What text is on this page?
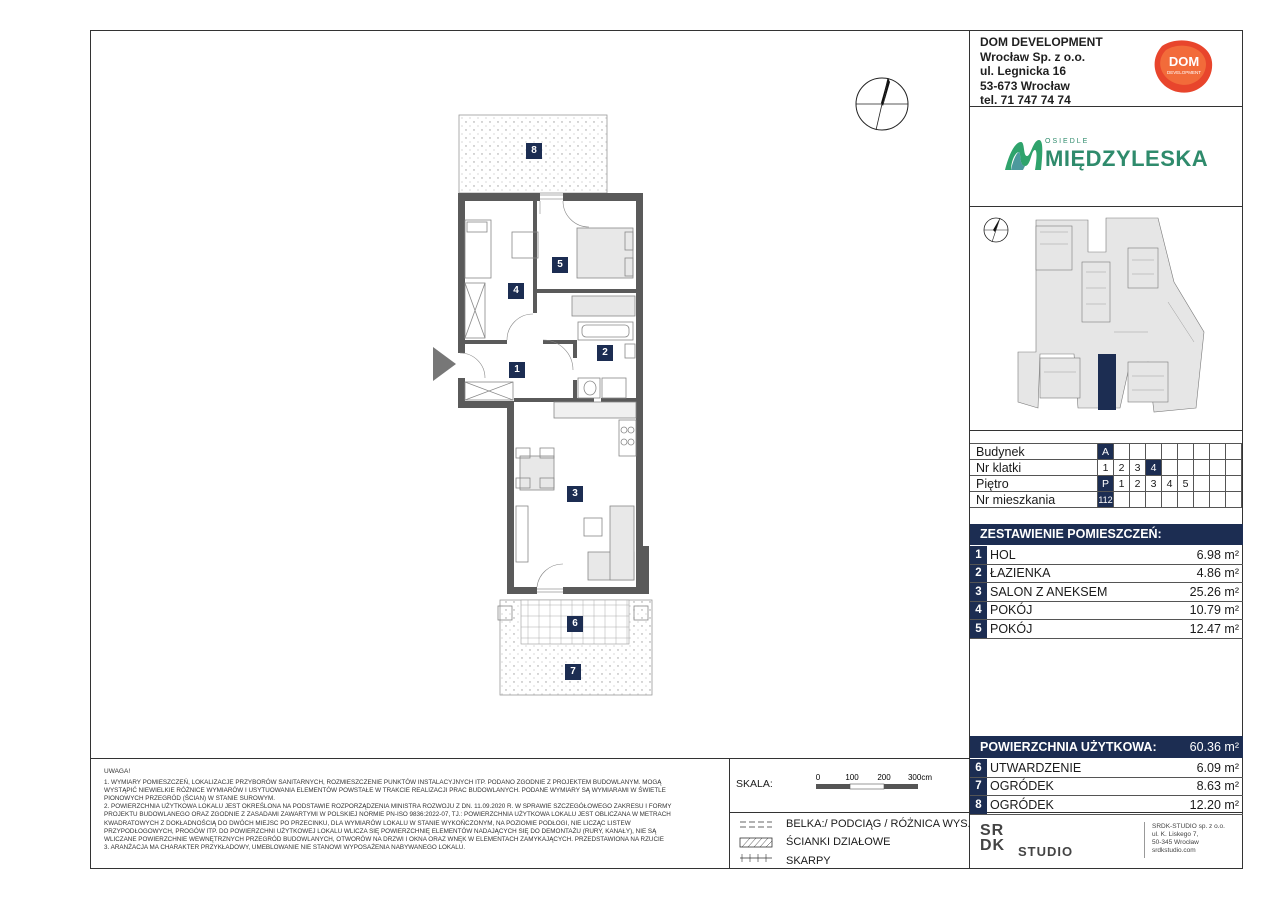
DOM DEVELOPMENT
Wrocław Sp. z o.o.
ul. Legnicka 16
53-673 Wrocław
tel. 71 747 74 74
DOM
DEVELOPMENT
OSIEDLE
MIĘDZYLESKA
Budynek	A								
Nr klatki	1	2	3	4					
Piętro	P	1	2	3	4	5			
Nr mieszkania	112								
ZESTAWIENIE POMIESZCZEŃ:
1 HOL	6.98 m²
2 ŁAZIENKA	4.86 m²
3 SALON Z ANEKSEM	25.26 m²
4 POKÓJ	10.79 m²
5 POKÓJ	12.47 m²
POWIERZCHNIA UŻYTKOWA:	60.36 m²
6 UTWARDZENIE	6.09 m²
7 OGRÓDEK	8.63 m²
8 OGRÓDEK	12.20 m²
8
5
4
2
1
3
6
7
UWAGA!
1. WYMIARY POMIESZCZEŃ, LOKALIZACJE PRZYBORÓW SANITARNYCH, ROZMIESZCZENIE PUNKTÓW INSTALACYJNYCH ITP. PODANO ZGODNIE Z PROJEKTEM BUDOWLANYM. MOGĄ
WYSTĄPIĆ NIEWIELKIE RÓŻNICE WYMIARÓW I USYTUOWANIA ELEMENTÓW POWSTAŁE W TRAKCIE REALIZACJI PRAC BUDOWLANYCH. PODANE WYMIARY SĄ WYMIARAMI W ŚWIETLE
PIONOWYCH PRZEGRÓD (ŚCIAN) W STANIE SUROWYM.
2. POWIERZCHNIA UŻYTKOWA LOKALU JEST OKREŚLONA NA PODSTAWIE ROZPORZĄDZENIA MINISTRA ROZWOJU Z DN. 11.09.2020 R. W SPRAWIE SZCZEGÓŁOWEGO ZAKRESU I FORMY
PROJEKTU BUDOWLANEGO ORAZ ZGODNIE Z ZASADAMI ZAWARTYMI W POLSKIEJ NORMIE PN-ISO 9836:2022-07, TJ.: POWIERZCHNIA UŻYTKOWA LOKALU JEST OBLICZANA W METRACH
KWADRATOWYCH Z DOKŁADNOŚCIĄ DO DWÓCH MIEJSC PO PRZECINKU, DLA WYMIARÓW LOKALU W STANIE WYKOŃCZONYM, NA POZIOMIE PODŁOGI, NIE LICZĄC LISTEW
PRZYPODŁOGOWYCH, PROGÓW ITP. DO POWIERZCHNI UŻYTKOWEJ LOKALU WLICZA SIĘ POWIERZCHNIĘ ELEMENTÓW NADAJĄCYCH SIĘ DO DEMONTAŻU (RURY, KANAŁY), NIE SĄ
WLICZANE POWIERZCHNIE WEWNĘTRZNYCH PRZEGRÓD BUDOWLANYCH, OTWORÓW NA DRZWI I OKNA ORAZ WNĘK W ELEMENTACH ZAMYKAJĄCYCH. PRZEDSTAWIONA NA RZUCIE
3. ARANŻACJA MA CHARAKTER PRZYKŁADOWY, UMEBLOWANIE NIE STANOWI WYPOSAŻENIA NABYWANEGO LOKALU.
SKALA:
0	100 200 300cm
BELKA:/ PODCIĄG / RÓŻNICA WYS.
ŚCIANKI DZIAŁOWE
SKARPY
SR
DK STUDIO
SRDK-STUDIO sp. z o.o.
ul. K. Liskego 7,
50-345 Wrocław
srdkstudio.com
